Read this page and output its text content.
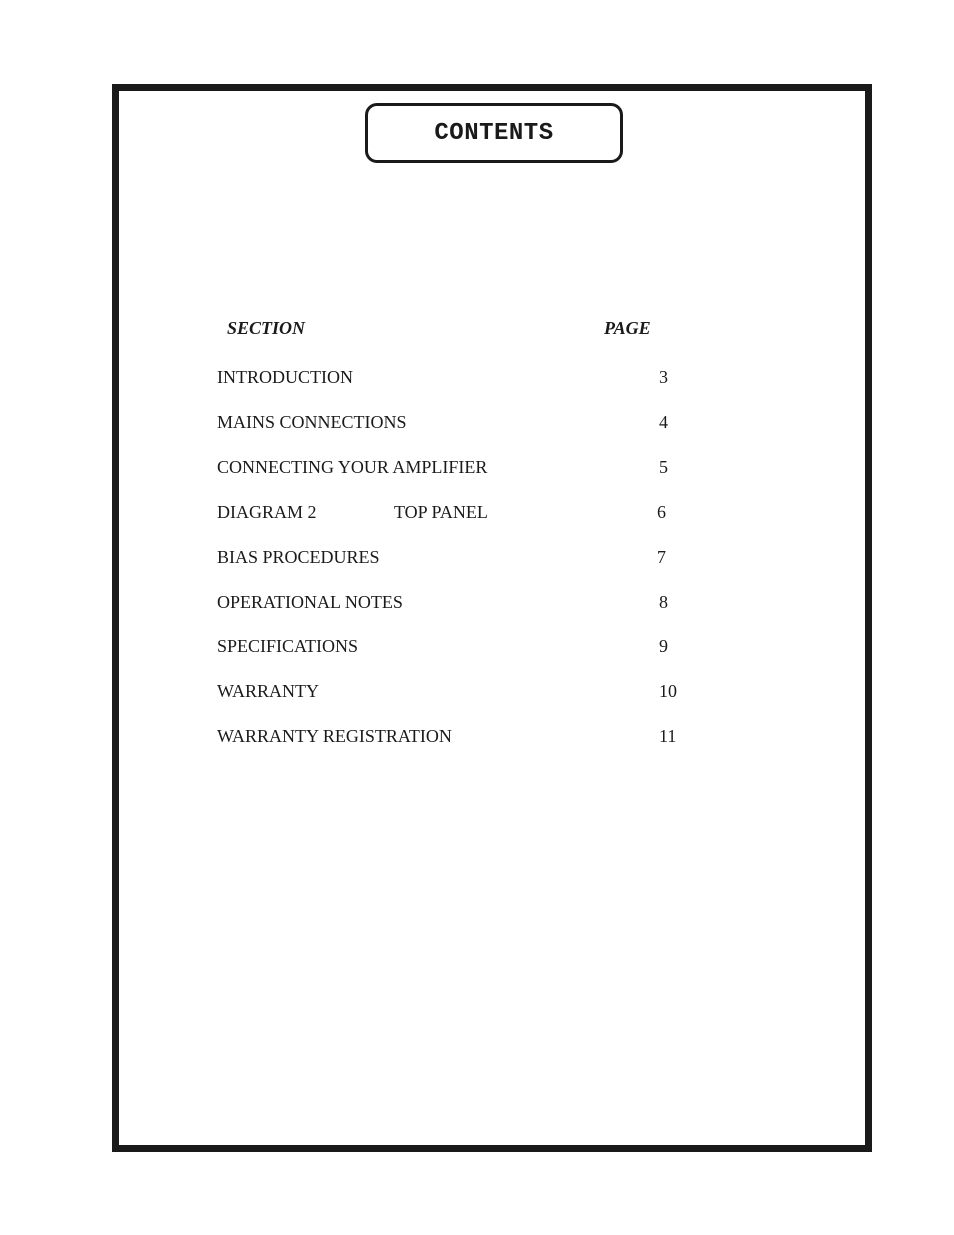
CONTENTS
SECTION	PAGE
INTRODUCTION	3
MAINS CONNECTIONS	4
CONNECTING YOUR AMPLIFIER	5
DIAGRAM 2	TOP PANEL	6
BIAS PROCEDURES	7
OPERATIONAL NOTES	8
SPECIFICATIONS	9
WARRANTY	10
WARRANTY REGISTRATION	11
